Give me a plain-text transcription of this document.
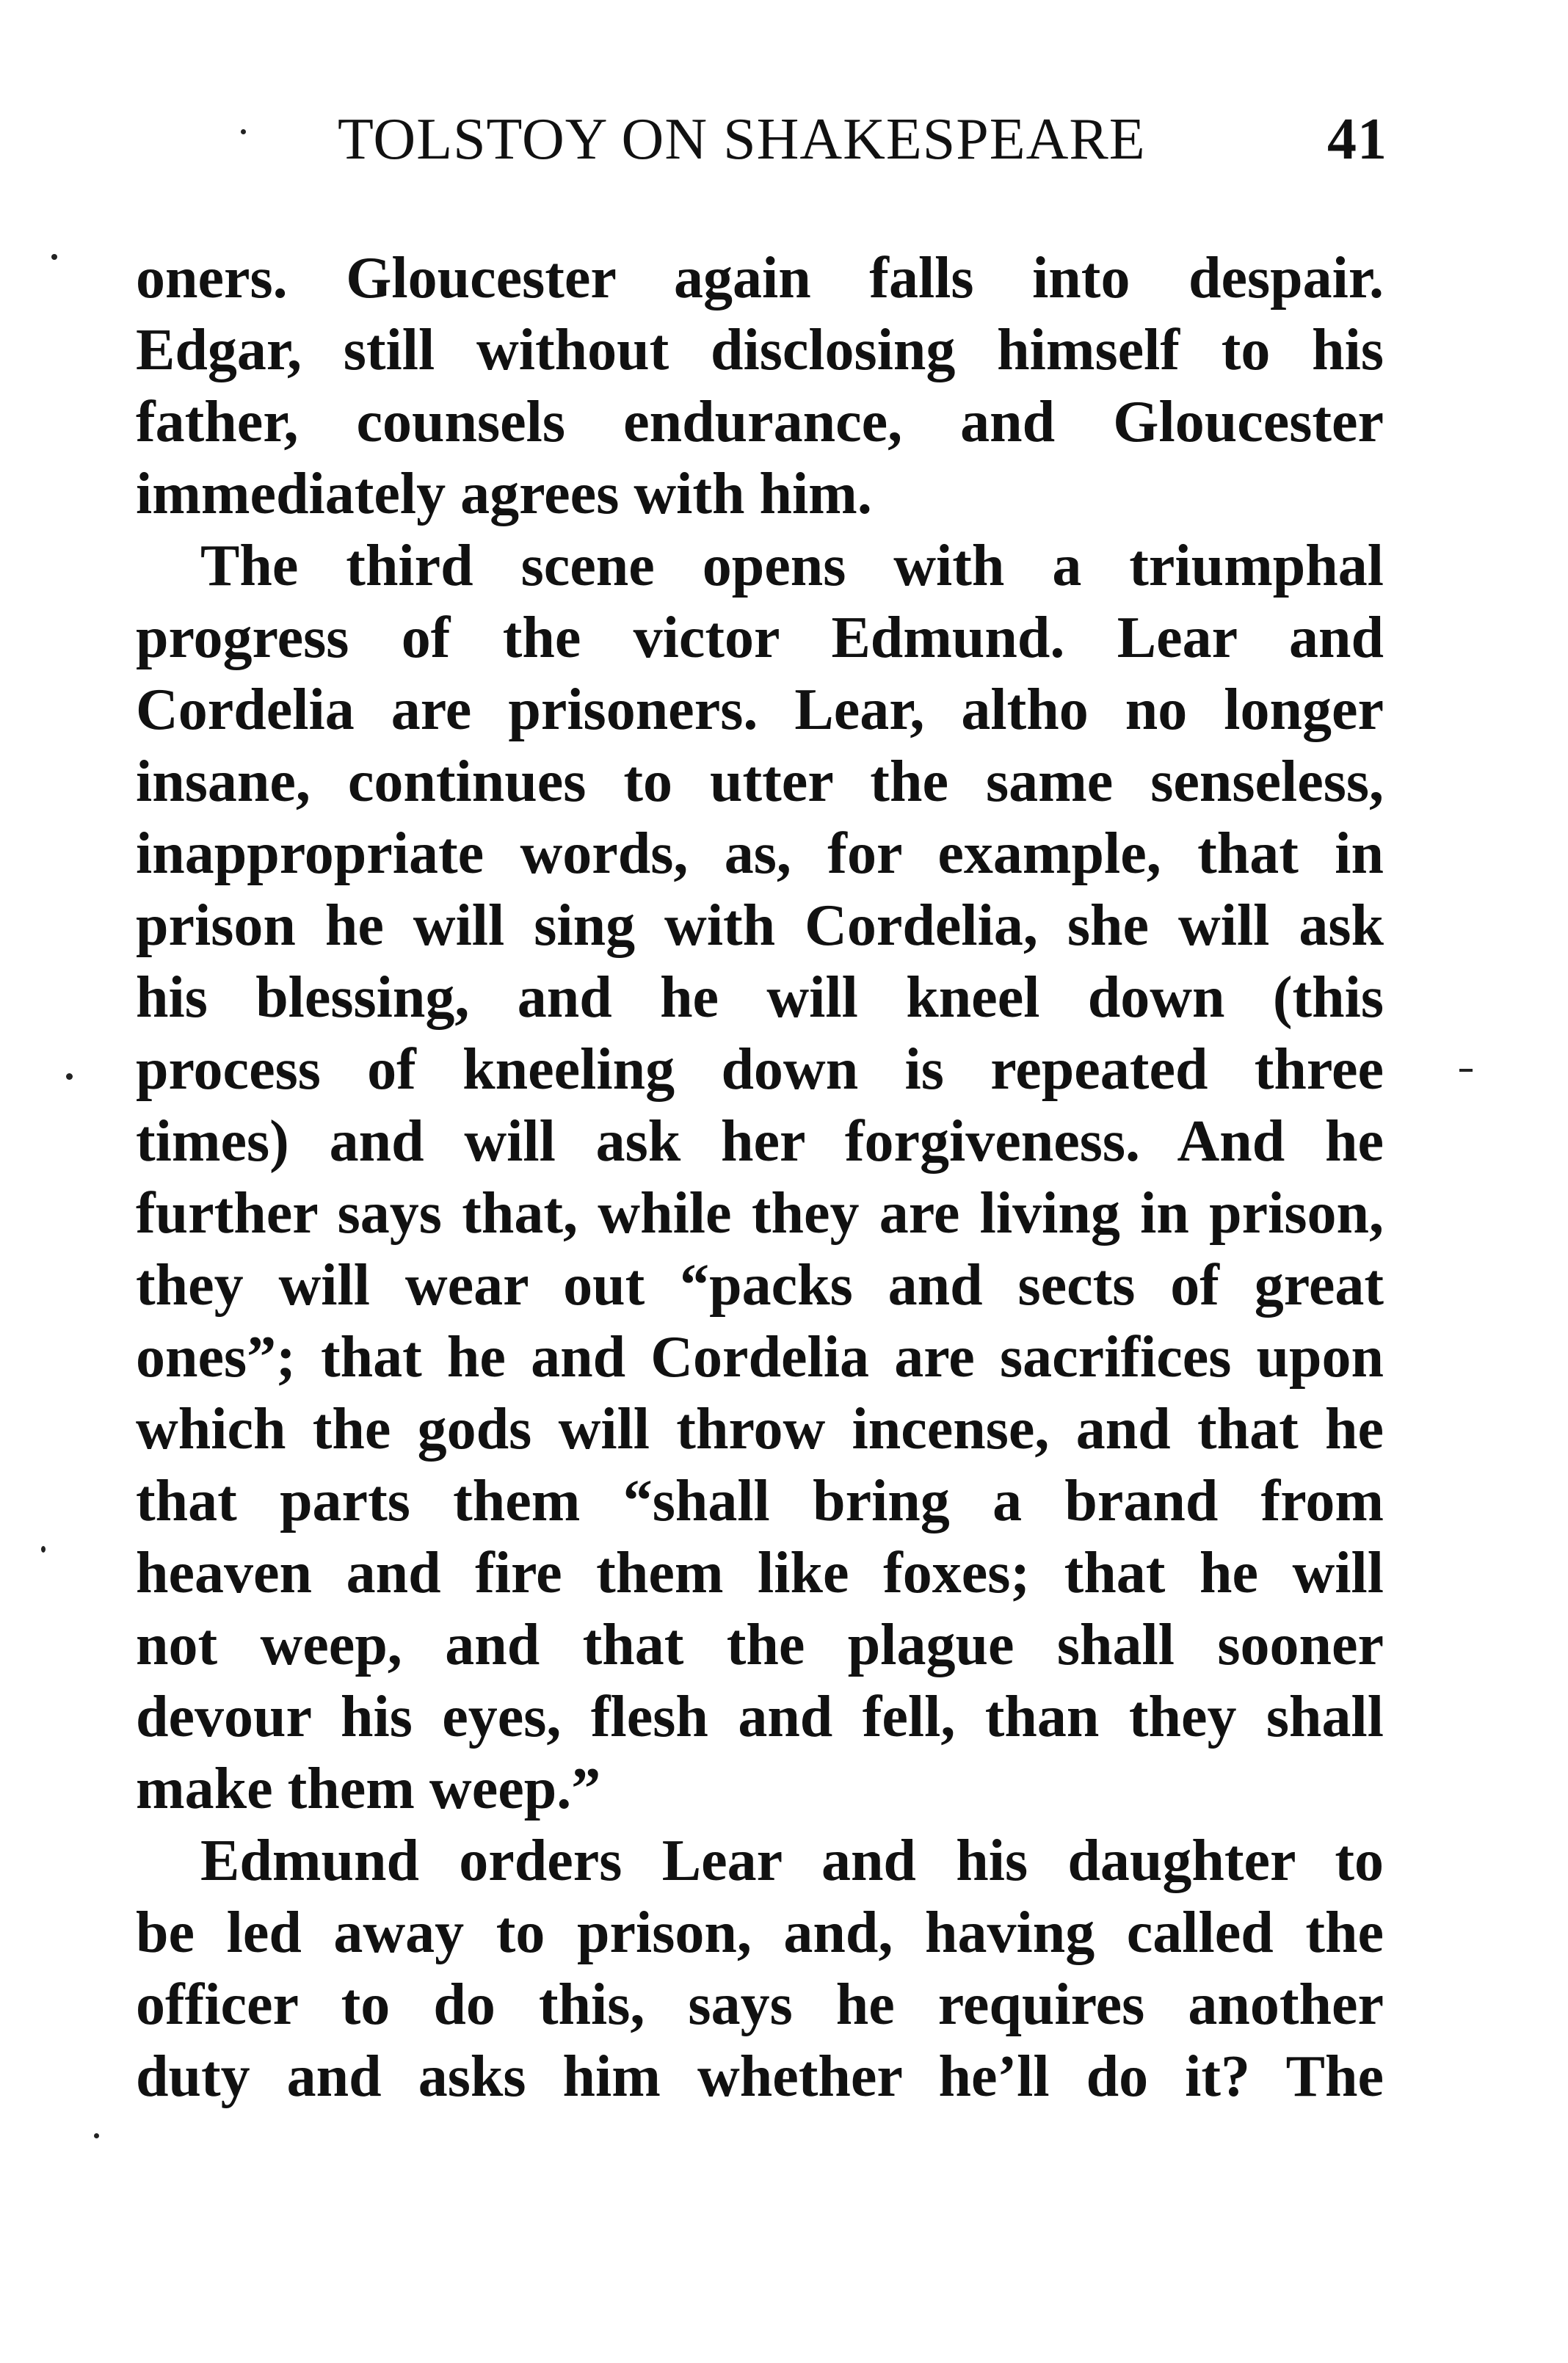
TOLSTOY ON SHAKESPEARE	41
oners. Gloucester again falls into despair.
Edgar, still without disclosing himself to his
father, counsels endurance, and Gloucester
immediately agrees with him.
The third scene opens with a triumphal
progress of the victor Edmund. Lear and
Cordelia are prisoners. Lear, altho no longer
insane, continues to utter the same senseless,
inappropriate words, as, for example, that in
prison he will sing with Cordelia, she will ask
his blessing, and he will kneel down (this
process of kneeling down is repeated three
times) and will ask her forgiveness. And he
further says that, while they are living in prison,
they will wear out “packs and sects of great
ones”; that he and Cordelia are sacrifices upon
which the gods will throw incense, and that he
that parts them “shall bring a brand from
heaven and fire them like foxes; that he will
not weep, and that the plague shall sooner
devour his eyes, flesh and fell, than they shall
make them weep.”
Edmund orders Lear and his daughter to
be led away to prison, and, having called the
officer to do this, says he requires another
duty and asks him whether he’ll do it? The
